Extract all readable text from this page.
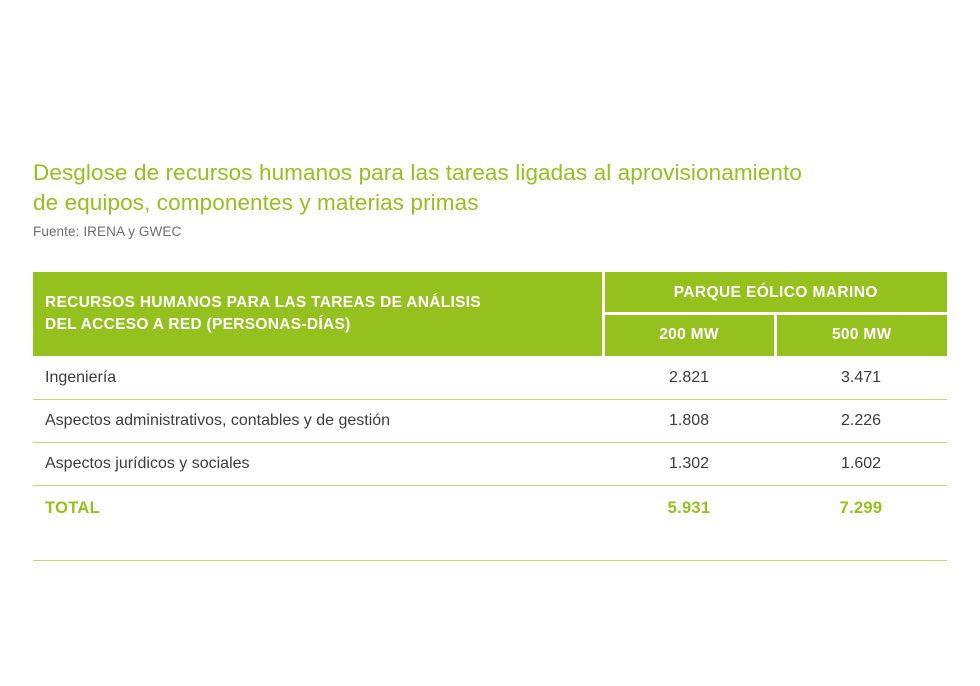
Desglose de recursos humanos para las tareas ligadas al aprovisionamiento
de equipos, componentes y materias primas
Fuente: IRENA y GWEC
RECURSOS HUMANOS PARA LAS TAREAS DE ANÁLISIS
DEL ACCESO A RED (PERSONAS-DÍAS)	PARQUE EÓLICO MARINO	
	200 MW	500 MW
Ingeniería	2.821	3.471
Aspectos administrativos, contables y de gestión	1.808	2.226
Aspectos jurídicos y sociales	1.302	1.602
TOTAL	5.931	7.299
